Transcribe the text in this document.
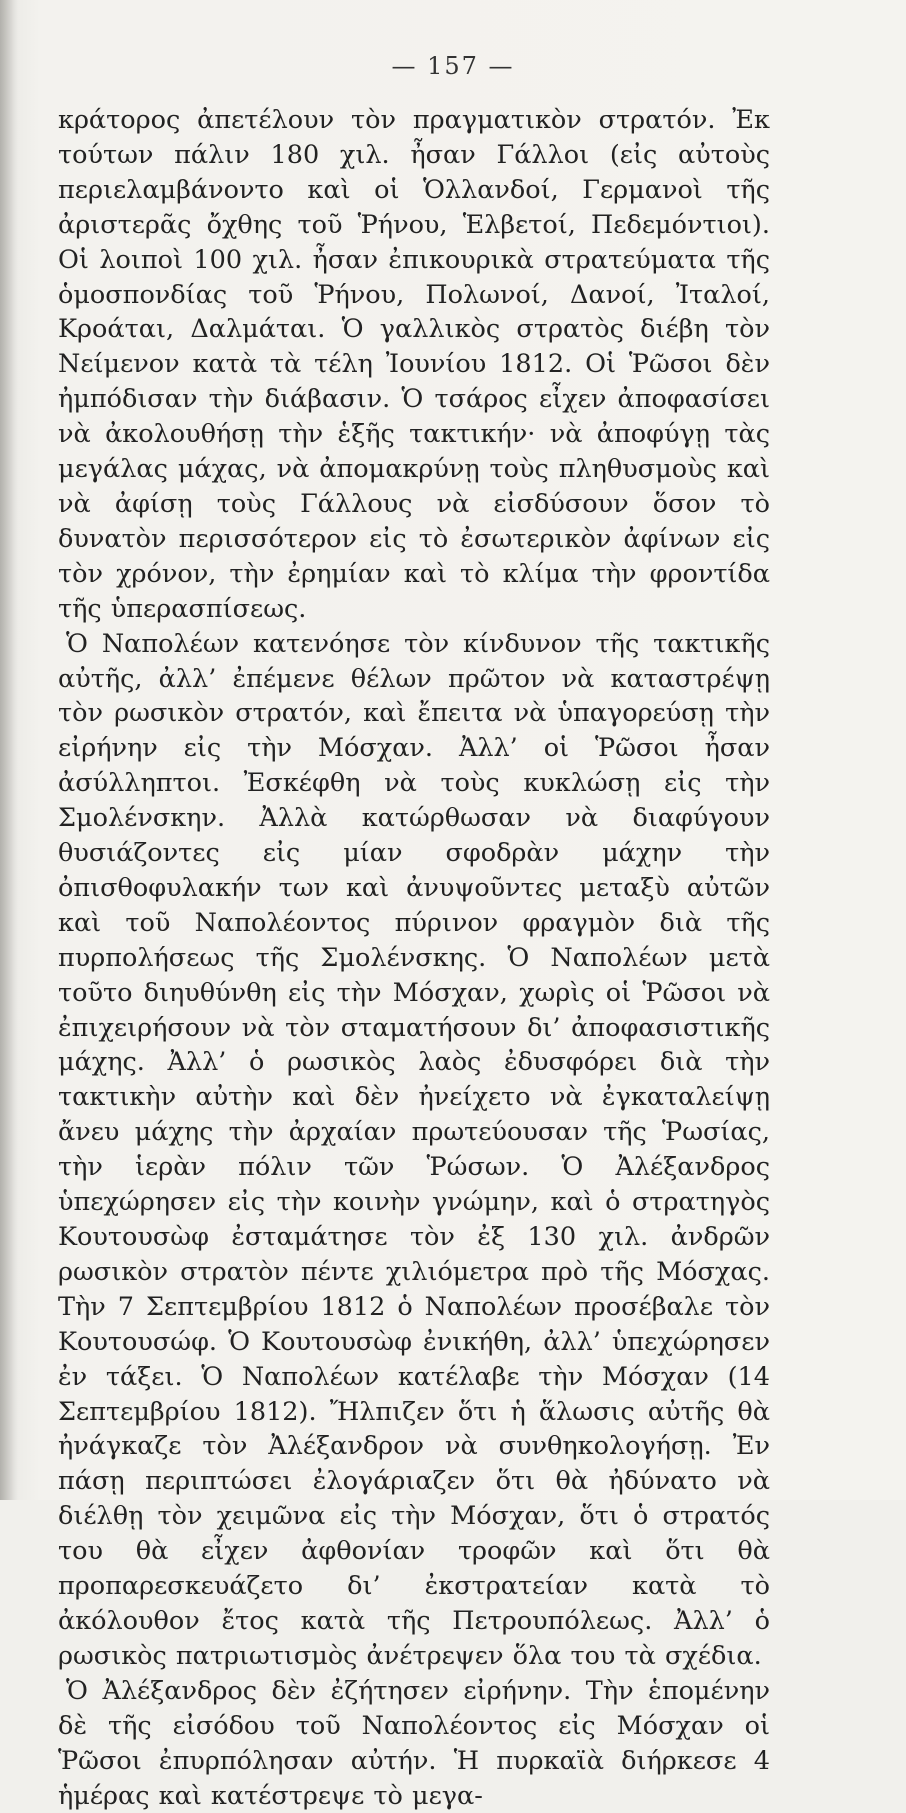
— 157 —

κράτορος ἀπετέλουν τὸν πραγματικὸν στρατόν. Ἐκ τούτων πάλιν 180 χιλ. ἦσαν Γάλλοι (εἰς αὐτοὺς περιελαμβάνοντο καὶ οἱ Ὁλλανδοί, Γερμανοὶ τῆς ἀριστερᾶς ὄχθης τοῦ Ῥήνου, Ἑλβετοί, Πεδεμόντιοι). Οἱ λοιποὶ 100 χιλ. ἦσαν ἐπικουρικὰ στρατεύματα τῆς ὁμοσπονδίας τοῦ Ῥήνου, Πολωνοί, Δανοί, Ἰταλοί, Κροάται, Δαλμάται. Ὁ γαλλικὸς στρατὸς διέβη τὸν Νείμενον κατὰ τὰ τέλη Ἰουνίου 1812. Οἱ Ῥῶσοι δὲν ἠμπόδισαν τὴν διάβασιν. Ὁ τσάρος εἶχεν ἀποφασίσει νὰ ἀκολουθήσῃ τὴν ἑξῆς τακτικήν· νὰ ἀποφύγῃ τὰς μεγάλας μάχας, νὰ ἀπομακρύνῃ τοὺς πληθυσμοὺς καὶ νὰ ἀφίσῃ τοὺς Γάλλους νὰ εἰσδύσουν ὅσον τὸ δυνατὸν περισσότερον εἰς τὸ ἐσωτερικὸν ἀφίνων εἰς τὸν χρόνον, τὴν ἐρημίαν καὶ τὸ κλίμα τὴν φροντίδα τῆς ὑπερασπίσεως.

Ὁ Ναπολέων κατενόησε τὸν κίνδυνον τῆς τακτικῆς αὐτῆς, ἀλλ’ ἐπέμενε θέλων πρῶτον νὰ καταστρέψῃ τὸν ρωσικὸν στρατόν, καὶ ἔπειτα νὰ ὑπαγορεύσῃ τὴν εἰρήνην εἰς τὴν Μόσχαν. Ἀλλ’ οἱ Ῥῶσοι ἦσαν ἀσύλληπτοι. Ἐσκέφθη νὰ τοὺς κυκλώσῃ εἰς τὴν Σμολένσκην. Ἀλλὰ κατώρθωσαν νὰ διαφύγουν θυσιάζοντες εἰς μίαν σφοδρὰν μάχην τὴν ὀπισθοφυλακήν των καὶ ἀνυψοῦντες μεταξὺ αὐτῶν καὶ τοῦ Ναπολέοντος πύρινον φραγμὸν διὰ τῆς πυρπολήσεως τῆς Σμολένσκης. Ὁ Ναπολέων μετὰ τοῦτο διηυθύνθη εἰς τὴν Μόσχαν, χωρὶς οἱ Ῥῶσοι νὰ ἐπιχειρήσουν νὰ τὸν σταματήσουν δι’ ἀποφασιστικῆς μάχης. Ἀλλ’ ὁ ρωσικὸς λαὸς ἐδυσφόρει διὰ τὴν τακτικὴν αὐτὴν καὶ δὲν ἠνείχετο νὰ ἐγκαταλείψῃ ἄνευ μάχης τὴν ἀρχαίαν πρωτεύουσαν τῆς Ῥωσίας, τὴν ἱερὰν πόλιν τῶν Ῥώσων. Ὁ Ἀλέξανδρος ὑπεχώρησεν εἰς τὴν κοινὴν γνώμην, καὶ ὁ στρατηγὸς Κουτουσὼφ ἐσταμάτησε τὸν ἐξ 130 χιλ. ἀνδρῶν ρωσικὸν στρατὸν πέντε χιλιόμετρα πρὸ τῆς Μόσχας. Τὴν 7 Σεπτεμβρίου 1812 ὁ Ναπολέων προσέβαλε τὸν Κουτουσώφ. Ὁ Κουτουσὼφ ἐνικήθη, ἀλλ’ ὑπεχώρησεν ἐν τάξει. Ὁ Ναπολέων κατέλαβε τὴν Μόσχαν (14 Σεπτεμβρίου 1812). Ἤλπιζεν ὅτι ἡ ἅλωσις αὐτῆς θὰ ἠνάγκαζε τὸν Ἀλέξανδρον νὰ συνθηκολογήσῃ. Ἐν πάσῃ περιπτώσει ἐλογάριαζεν ὅτι θὰ ἠδύνατο νὰ διέλθῃ τὸν χειμῶνα εἰς τὴν Μόσχαν, ὅτι ὁ στρατός του θὰ εἶχεν ἀφθονίαν τροφῶν καὶ ὅτι θὰ προπαρεσκευάζετο δι’ ἐκστρατείαν κατὰ τὸ ἀκόλουθον ἔτος κατὰ τῆς Πετρουπόλεως. Ἀλλ’ ὁ ρωσικὸς πατριωτισμὸς ἀνέτρεψεν ὅλα του τὰ σχέδια.

Ὁ Ἀλέξανδρος δὲν ἐζήτησεν εἰρήνην. Τὴν ἑπομένην δὲ τῆς εἰσόδου τοῦ Ναπολέοντος εἰς Μόσχαν οἱ Ῥῶσοι ἐπυρπόλησαν αὐτήν. Ἡ πυρκαϊὰ διήρκεσε 4 ἡμέρας καὶ κατέστρεψε τὸ μεγα-
